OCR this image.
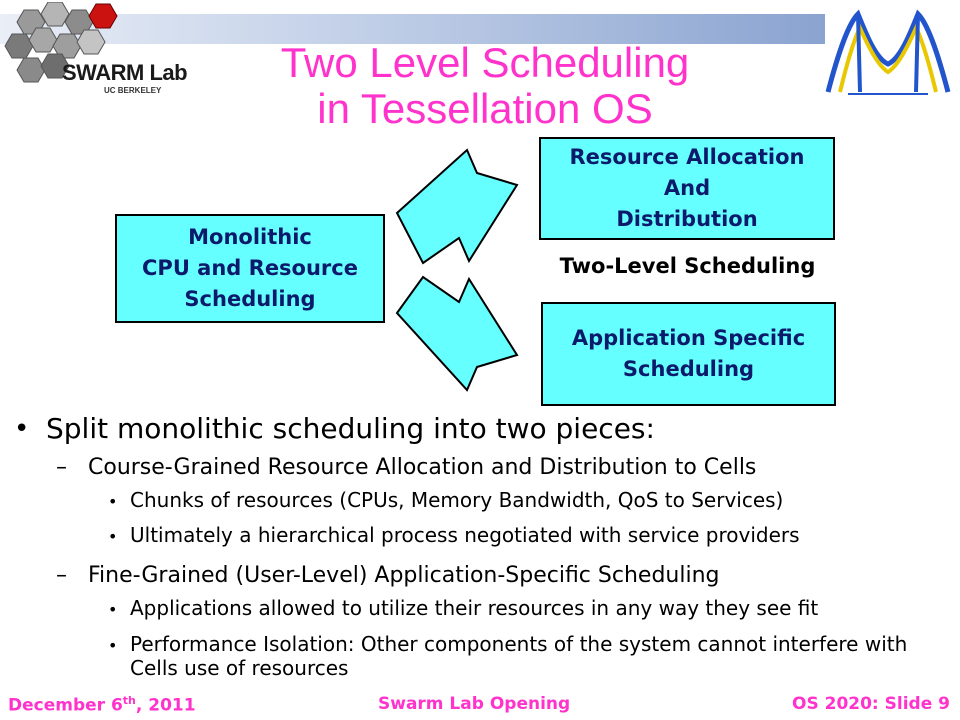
SWARM Lab
UC BERKELEY
Two Level Scheduling
in Tessellation OS
Monolithic
CPU and Resource
Scheduling
Resource Allocation
And
Distribution
Two-Level Scheduling
Application Specific
Scheduling
• Split monolithic scheduling into two pieces:
– Course-Grained Resource Allocation and Distribution to Cells
• Chunks of resources (CPUs, Memory Bandwidth, QoS to Services)
• Ultimately a hierarchical process negotiated with service providers
– Fine-Grained (User-Level) Application-Specific Scheduling
• Applications allowed to utilize their resources in any way they see fit
• Performance Isolation: Other components of the system cannot interfere with Cells use of resources
December 6th, 2011	Swarm Lab Opening	OS 2020: Slide 9
